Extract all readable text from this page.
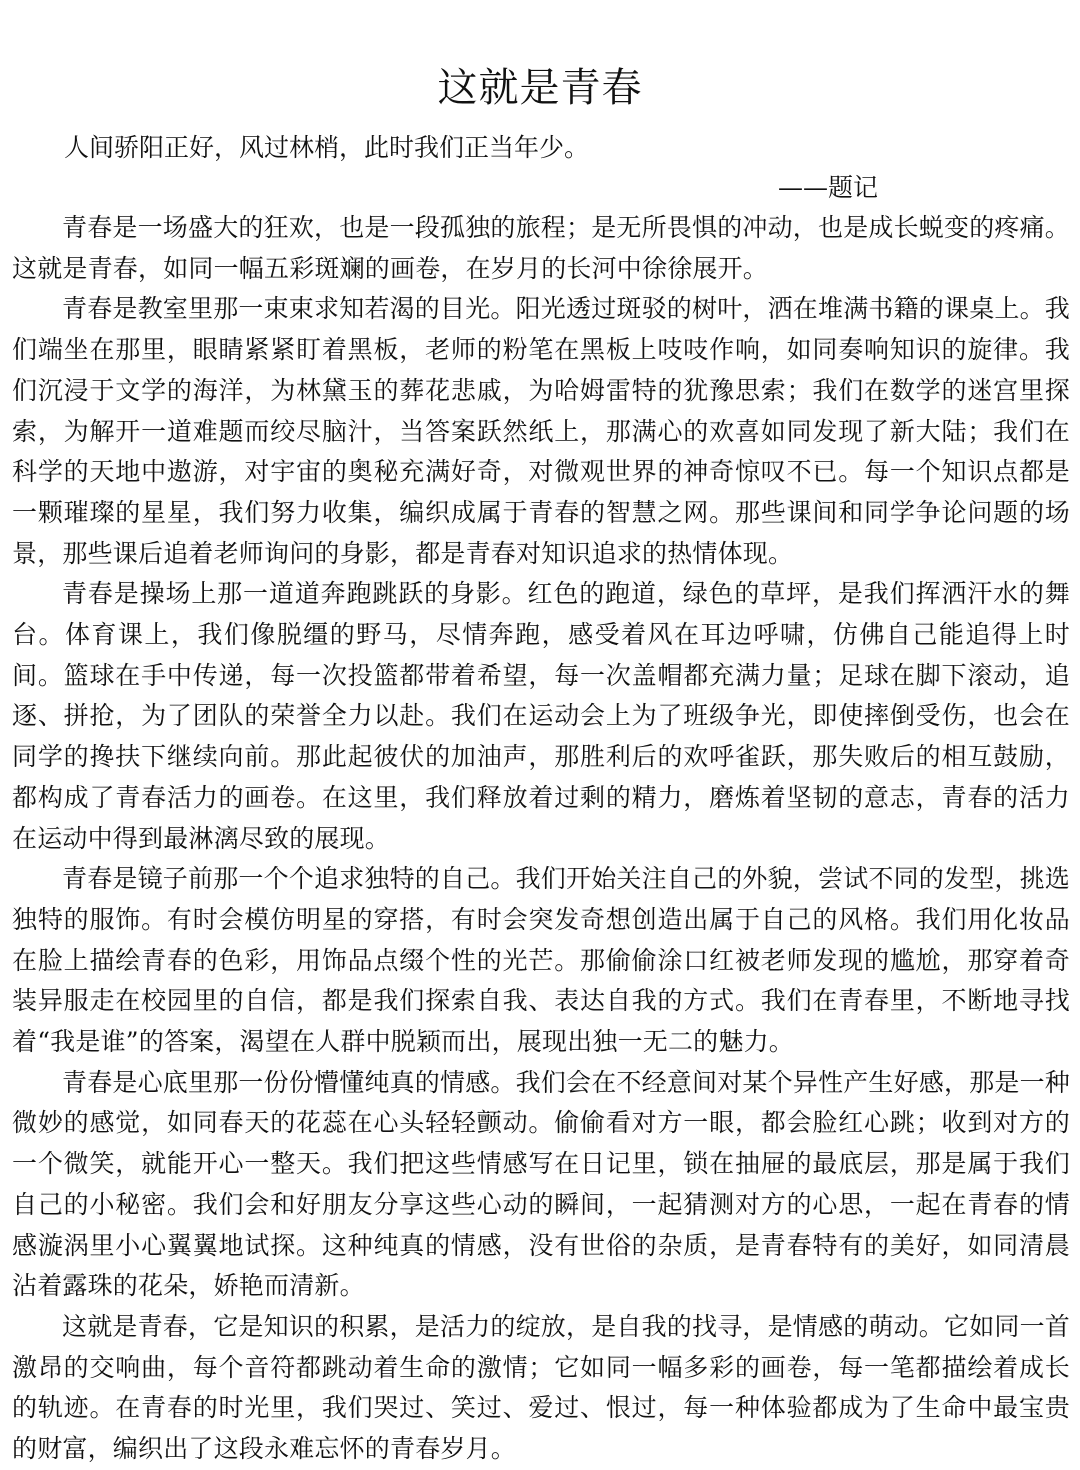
这就是青春

人间骄阳正好，风过林梢，此时我们正当年少。

——题记

青春是一场盛大的狂欢，也是一段孤独的旅程；是无所畏惧的冲动，也是成长蜕变的疼痛。这就是青春，如同一幅五彩斑斓的画卷，在岁月的长河中徐徐展开。

青春是教室里那一束束求知若渴的目光。阳光透过斑驳的树叶，洒在堆满书籍的课桌上。我们端坐在那里，眼睛紧紧盯着黑板，老师的粉笔在黑板上吱吱作响，如同奏响知识的旋律。我们沉浸于文学的海洋，为林黛玉的葬花悲戚，为哈姆雷特的犹豫思索；我们在数学的迷宫里探索，为解开一道难题而绞尽脑汁，当答案跃然纸上，那满心的欢喜如同发现了新大陆；我们在科学的天地中遨游，对宇宙的奥秘充满好奇，对微观世界的神奇惊叹不已。每一个知识点都是一颗璀璨的星星，我们努力收集，编织成属于青春的智慧之网。那些课间和同学争论问题的场景，那些课后追着老师询问的身影，都是青春对知识追求的热情体现。

青春是操场上那一道道奔跑跳跃的身影。红色的跑道，绿色的草坪，是我们挥洒汗水的舞台。体育课上，我们像脱缰的野马，尽情奔跑，感受着风在耳边呼啸，仿佛自己能追得上时间。篮球在手中传递，每一次投篮都带着希望，每一次盖帽都充满力量；足球在脚下滚动，追逐、拼抢，为了团队的荣誉全力以赴。我们在运动会上为了班级争光，即使摔倒受伤，也会在同学的搀扶下继续向前。那此起彼伏的加油声，那胜利后的欢呼雀跃，那失败后的相互鼓励，都构成了青春活力的画卷。在这里，我们释放着过剩的精力，磨炼着坚韧的意志，青春的活力在运动中得到最淋漓尽致的展现。

青春是镜子前那一个个追求独特的自己。我们开始关注自己的外貌，尝试不同的发型，挑选独特的服饰。有时会模仿明星的穿搭，有时会突发奇想创造出属于自己的风格。我们用化妆品在脸上描绘青春的色彩，用饰品点缀个性的光芒。那偷偷涂口红被老师发现的尴尬，那穿着奇装异服走在校园里的自信，都是我们探索自我、表达自我的方式。我们在青春里，不断地寻找着“我是谁”的答案，渴望在人群中脱颖而出，展现出独一无二的魅力。

青春是心底里那一份份懵懂纯真的情感。我们会在不经意间对某个异性产生好感，那是一种微妙的感觉，如同春天的花蕊在心头轻轻颤动。偷偷看对方一眼，都会脸红心跳；收到对方的一个微笑，就能开心一整天。我们把这些情感写在日记里，锁在抽屉的最底层，那是属于我们自己的小秘密。我们会和好朋友分享这些心动的瞬间，一起猜测对方的心思，一起在青春的情感漩涡里小心翼翼地试探。这种纯真的情感，没有世俗的杂质，是青春特有的美好，如同清晨沾着露珠的花朵，娇艳而清新。

这就是青春，它是知识的积累，是活力的绽放，是自我的找寻，是情感的萌动。它如同一首激昂的交响曲，每个音符都跳动着生命的激情；它如同一幅多彩的画卷，每一笔都描绘着成长的轨迹。在青春的时光里，我们哭过、笑过、爱过、恨过，每一种体验都成为了生命中最宝贵的财富，编织出了这段永难忘怀的青春岁月。
